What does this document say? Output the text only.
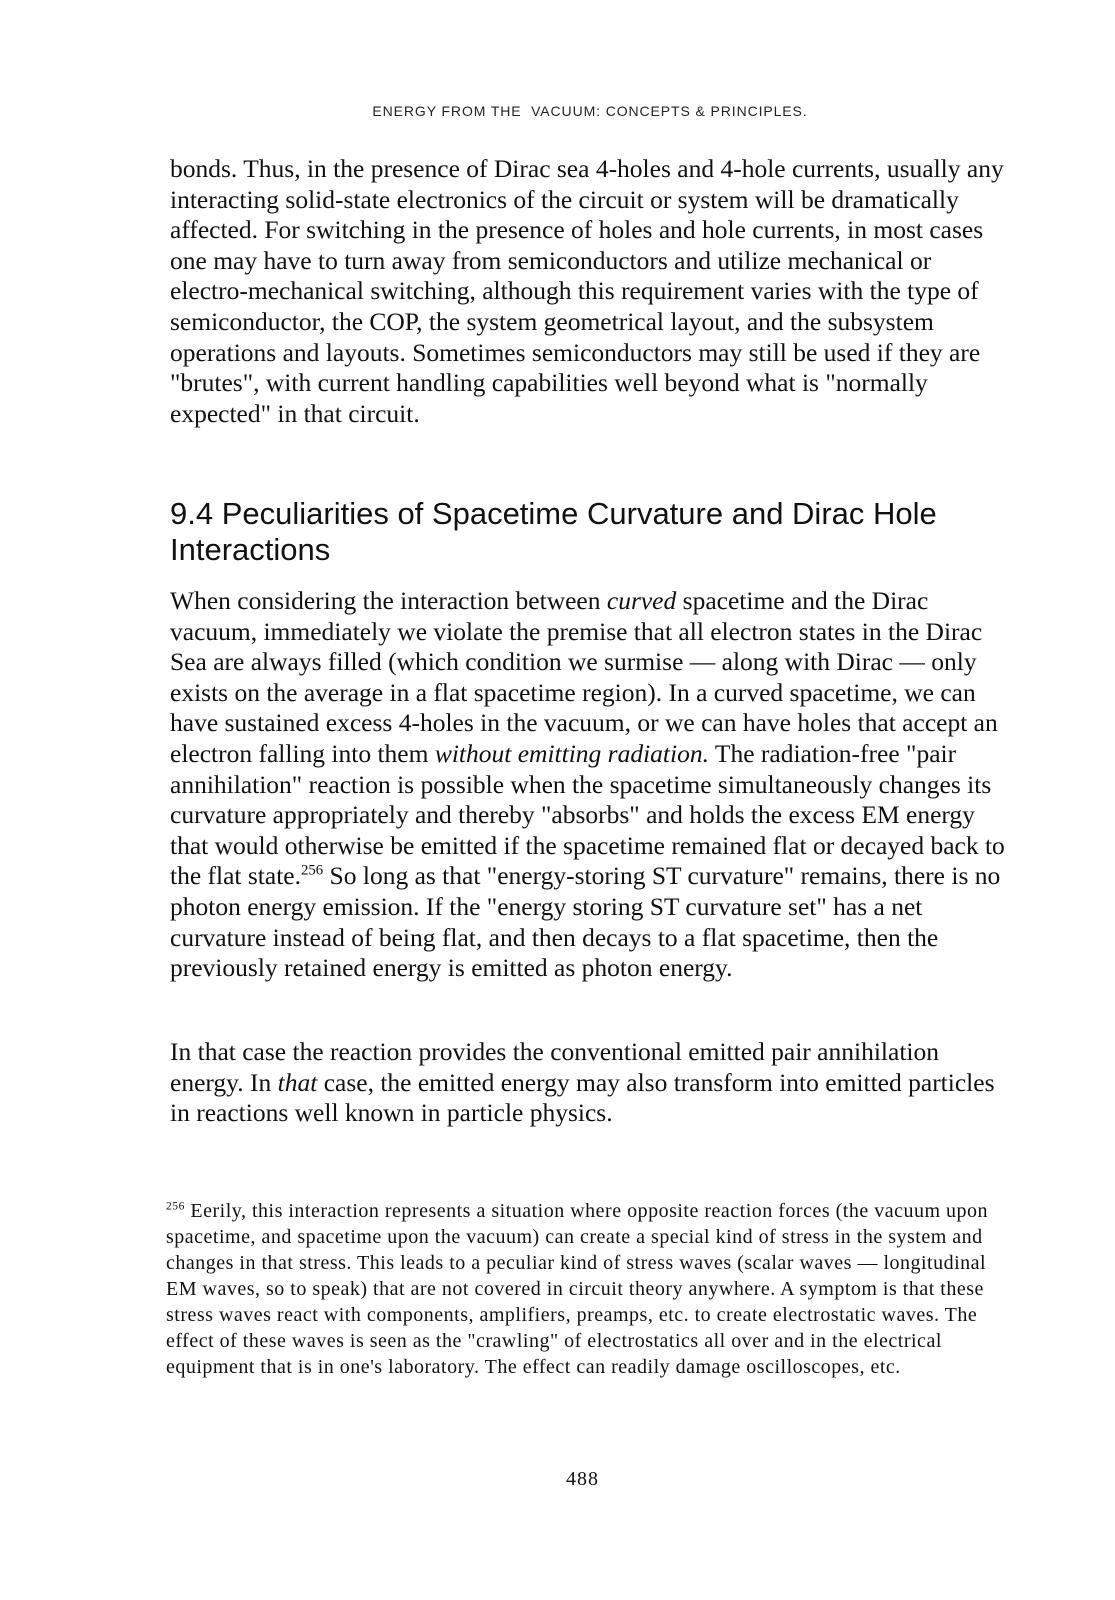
ENERGY FROM THE  VACUUM: CONCEPTS & PRINCIPLES.

bonds. Thus, in the presence of Dirac sea 4-holes and 4-hole currents, usually any interacting solid-state electronics of the circuit or system will be dramatically affected. For switching in the presence of holes and hole currents, in most cases one may have to turn away from semiconductors and utilize mechanical or electro-mechanical switching, although this requirement varies with the type of semiconductor, the COP, the system geometrical layout, and the subsystem operations and layouts. Sometimes semiconductors may still be used if they are "brutes", with current handling capabilities well beyond what is "normally expected" in that circuit.

9.4 Peculiarities of Spacetime Curvature and Dirac Hole Interactions

When considering the interaction between curved spacetime and the Dirac vacuum, immediately we violate the premise that all electron states in the Dirac Sea are always filled (which condition we surmise — along with Dirac — only exists on the average in a flat spacetime region). In a curved spacetime, we can have sustained excess 4-holes in the vacuum, or we can have holes that accept an electron falling into them without emitting radiation. The radiation-free "pair annihilation" reaction is possible when the spacetime simultaneously changes its curvature appropriately and thereby "absorbs" and holds the excess EM energy that would otherwise be emitted if the spacetime remained flat or decayed back to the flat state.$^{256}$ So long as that "energy-storing ST curvature" remains, there is no photon energy emission. If the "energy storing ST curvature set" has a net curvature instead of being flat, and then decays to a flat spacetime, then the previously retained energy is emitted as photon energy.

In that case the reaction provides the conventional emitted pair annihilation energy. In that case, the emitted energy may also transform into emitted particles in reactions well known in particle physics.

$^{256}$ Eerily, this interaction represents a situation where opposite reaction forces (the vacuum upon spacetime, and spacetime upon the vacuum) can create a special kind of stress in the system and changes in that stress. This leads to a peculiar kind of stress waves (scalar waves — longitudinal EM waves, so to speak) that are not covered in circuit theory anywhere. A symptom is that these stress waves react with components, amplifiers, preamps, etc. to create electrostatic waves. The effect of these waves is seen as the "crawling" of electrostatics all over and in the electrical equipment that is in one's laboratory. The effect can readily damage oscilloscopes, etc.

488
